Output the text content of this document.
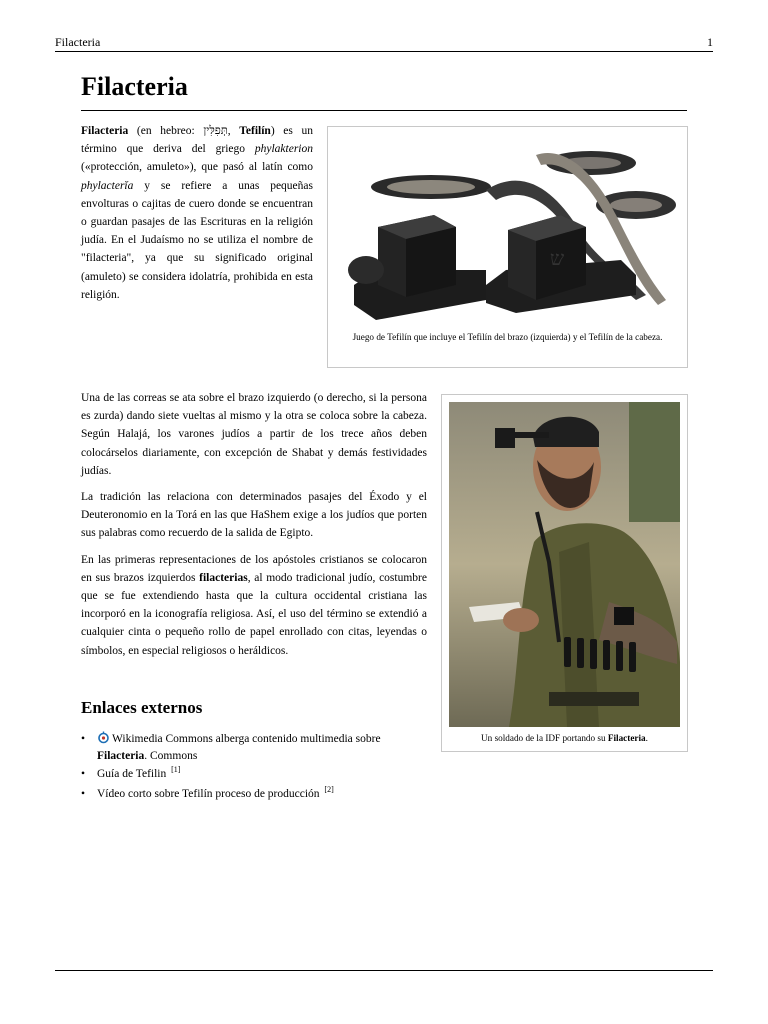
Filacteria	1
Filacteria

Filacteria (en hebreo: תְּפִלִּין, Tefilín) es un término que deriva del griego phylakterion («protección, amuleto»), que pasó al latín como phylacterĭa y se refiere a unas pequeñas envolturas o cajitas de cuero donde se encuentran o guardan pasajes de las Escrituras en la religión judía. En el Judaísmo no se utiliza el nombre de "filacteria", ya que su significado original (amuleto) se considera idolatría, prohibida en esta religión.

ש
Juego de Tefilín que incluye el Tefilín del brazo (izquierda) y el Tefilín de la cabeza.

Una de las correas se ata sobre el brazo izquierdo (o derecho, si la persona es zurda) dando siete vueltas al mismo y la otra se coloca sobre la cabeza. Según Halajá, los varones judíos a partir de los trece años deben colocárselos diariamente, con excepción de Shabat y demás festividades judías.

La tradición las relaciona con determinados pasajes del Éxodo y el Deuteronomio en la Torá en las que HaShem exige a los judíos que porten sus palabras como recuerdo de la salida de Egipto.

En las primeras representaciones de los apóstoles cristianos se colocaron en sus brazos izquierdos filacterias, al modo tradicional judío, costumbre que se fue extendiendo hasta que la cultura occidental cristiana las incorporó en la iconografía religiosa. Así, el uso del término se extendió a cualquier cinta o pequeño rollo de papel enrollado con citas, leyendas o símbolos, en especial religiosos o heráldicos.

Un soldado de la IDF portando su Filacteria.
Enlaces externos
• Wikimedia Commons alberga contenido multimedia sobre Filacteria. Commons
• Guía de Tefilin [1]
• Vídeo corto sobre Tefilín proceso de producción [2]
